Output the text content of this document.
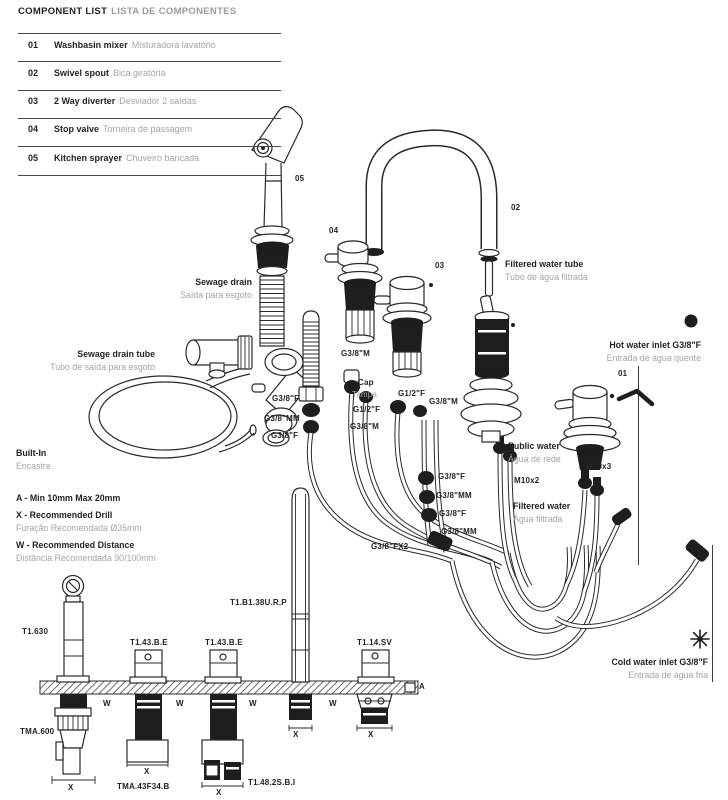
COMPONENT LIST LISTA DE COMPONENTES
01 Washbasin mixer Misturadora lavatório
02 Swivel spout Bica giratória
03 2 Way diverter Desviador 2 saídas
04 Stop valve Torneira de passagem
05 Kitchen sprayer Chuveiro bancada
05
04
03
02
01
Sewage drain
Saída para esgoto
Sewage drain tube
Tubo de saída para esgoto
Filtered water tube
Tubo de água filtrada
Hot water inlet G3/8"F
Entrada de água quente
Cold water inlet G3/8"F
Entrada de água fria
Public water
Água de rede
Filtered water
Água filtrada
Built-In
Encastre
Cap
Tampa
A - Min 10mm Max 20mm
X - Recommended Drill
Furação Recomendada Ø35mm
W - Recommended Distance
Distância Recomendada 90/100mm
G3/8"M
G1/2"F
G3/8"M
G1/2"F
G3/8"M
G3/8"F
G3/8"MM
G3/8"F
G3/8"F
G3/8"MM
G3/8"F
G3/8"MM
G3/8"FX2
M10x2
M10x3
T1.630
T1.43.B.E	T1.43.B.E
T1.B1.38U.R.P
T1.14.SV
TMA.600
TMA.43F34.B	T1.48.2S.B.I
W	W	W	W
X
X
X
X	X
A
